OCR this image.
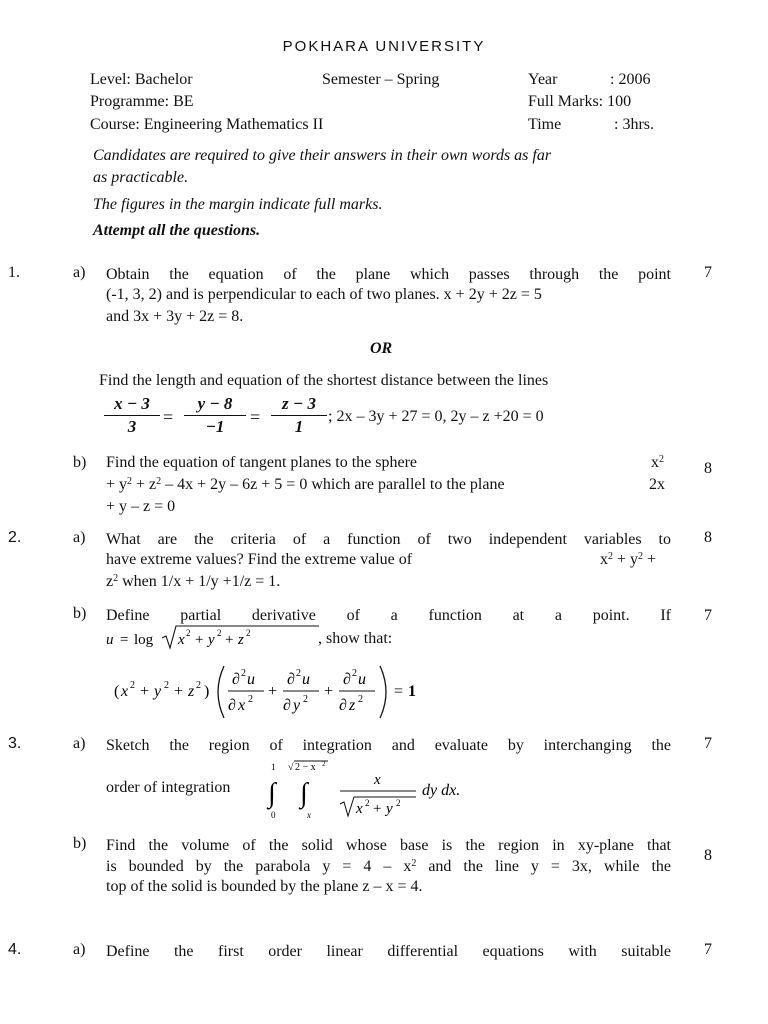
POKHARA UNIVERSITY
Level: Bachelor	Semester – Spring	Year	: 2006
Programme: BE	Full Marks: 100
Course: Engineering Mathematics II	Time	: 3hrs.
Candidates are required to give their answers in their own words as far
as practicable.
The figures in the margin indicate full marks.
Attempt all the questions.
1.	a) Obtain the equation of the plane which passes through the point
(-1, 3, 2) and is perpendicular to each of two planes. x + 2y + 2z = 5
and 3x + 3y + 2z = 8.
7
OR
Find the length and equation of the shortest distance between the lines
x − 3
3	=
y − 8
−1	=
z − 3
1
; 2x – 3y + 27 = 0, 2y – z +20 = 0
b) Find the equation of tangent planes to the sphere	$x^2$
+ $y^2 + z^2 - 4x + 2y - 6z + 5 = 0$ which are parallel to the plane	2x
+ y – z = 0
8
2.	a) What are the criteria of a function of two independent variables to
have extreme values? Find the extreme value of	$x^2 + y^2$ +
$z^2$ when 1/x + 1/y +1/z = 1.
8
b) Define partial derivative of a function at a point. If 7
u = log x 2 + y 2 + z 2	, show that:
( x 2 + y 2 + z 2 )
∂ 2 u
∂ x 2 +
∂ 2 u
∂ y 2 +
∂ 2 u
∂ z 2 = 1
3.	a) Sketch the region of integration and evaluate by interchanging the 7
order of integration
1
∫
0
√ 2 − x 2
∫
x
x
x 2 + y 2
dy dx.
b) Find the volume of the solid whose base is the region in xy-plane that
is bounded by the parabola $y = 4 - x^2$ and the line y = 3x, while the
top of the solid is bounded by the plane z – x = 4.
8
4.	a) Define the first order linear differential equations with suitable 7
